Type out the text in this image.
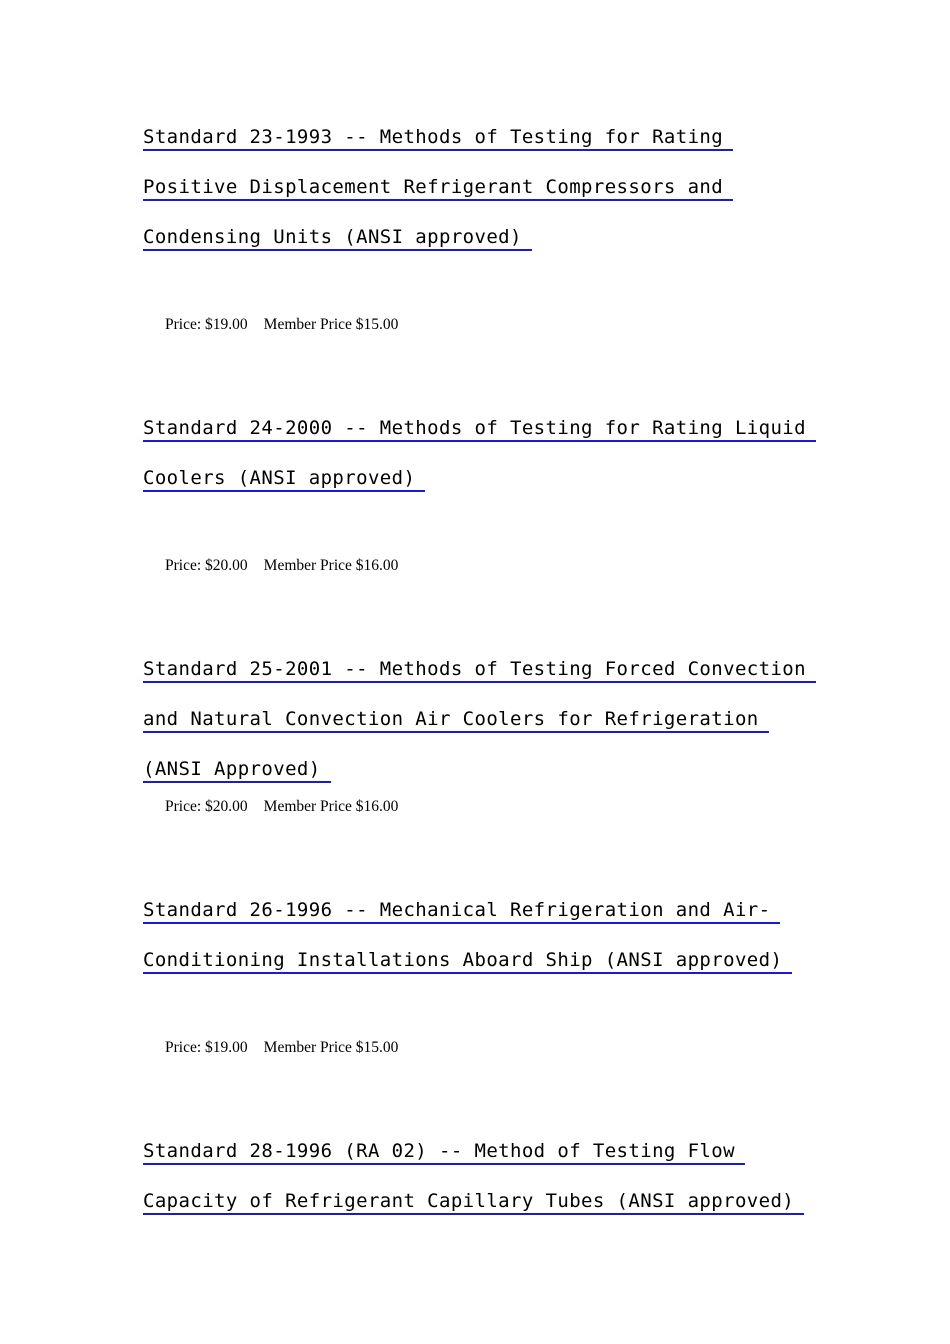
Standard 23-1993 -- Methods of Testing for Rating Positive Displacement Refrigerant Compressors and Condensing Units (ANSI approved)
Price: $19.00 Member Price $15.00
Standard 24-2000 -- Methods of Testing for Rating Liquid Coolers (ANSI approved)
Price: $20.00 Member Price $16.00
Standard 25-2001 -- Methods of Testing Forced Convection and Natural Convection Air Coolers for Refrigeration (ANSI Approved)
Price: $20.00 Member Price $16.00
Standard 26-1996 -- Mechanical Refrigeration and Air-Conditioning Installations Aboard Ship (ANSI approved)
Price: $19.00 Member Price $15.00
Standard 28-1996 (RA 02) -- Method of Testing Flow Capacity of Refrigerant Capillary Tubes (ANSI approved)
